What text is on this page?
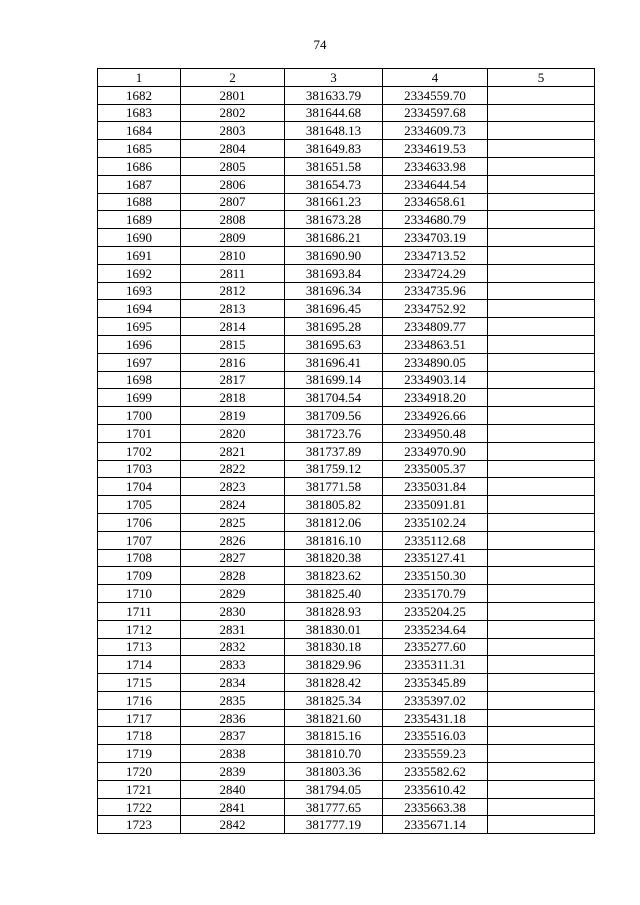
74
1	2	3	4	5
1682	2801	381633.79	2334559.70	
1683	2802	381644.68	2334597.68	
1684	2803	381648.13	2334609.73	
1685	2804	381649.83	2334619.53	
1686	2805	381651.58	2334633.98	
1687	2806	381654.73	2334644.54	
1688	2807	381661.23	2334658.61	
1689	2808	381673.28	2334680.79	
1690	2809	381686.21	2334703.19	
1691	2810	381690.90	2334713.52	
1692	2811	381693.84	2334724.29	
1693	2812	381696.34	2334735.96	
1694	2813	381696.45	2334752.92	
1695	2814	381695.28	2334809.77	
1696	2815	381695.63	2334863.51	
1697	2816	381696.41	2334890.05	
1698	2817	381699.14	2334903.14	
1699	2818	381704.54	2334918.20	
1700	2819	381709.56	2334926.66	
1701	2820	381723.76	2334950.48	
1702	2821	381737.89	2334970.90	
1703	2822	381759.12	2335005.37	
1704	2823	381771.58	2335031.84	
1705	2824	381805.82	2335091.81	
1706	2825	381812.06	2335102.24	
1707	2826	381816.10	2335112.68	
1708	2827	381820.38	2335127.41	
1709	2828	381823.62	2335150.30	
1710	2829	381825.40	2335170.79	
1711	2830	381828.93	2335204.25	
1712	2831	381830.01	2335234.64	
1713	2832	381830.18	2335277.60	
1714	2833	381829.96	2335311.31	
1715	2834	381828.42	2335345.89	
1716	2835	381825.34	2335397.02	
1717	2836	381821.60	2335431.18	
1718	2837	381815.16	2335516.03	
1719	2838	381810.70	2335559.23	
1720	2839	381803.36	2335582.62	
1721	2840	381794.05	2335610.42	
1722	2841	381777.65	2335663.38	
1723	2842	381777.19	2335671.14	
